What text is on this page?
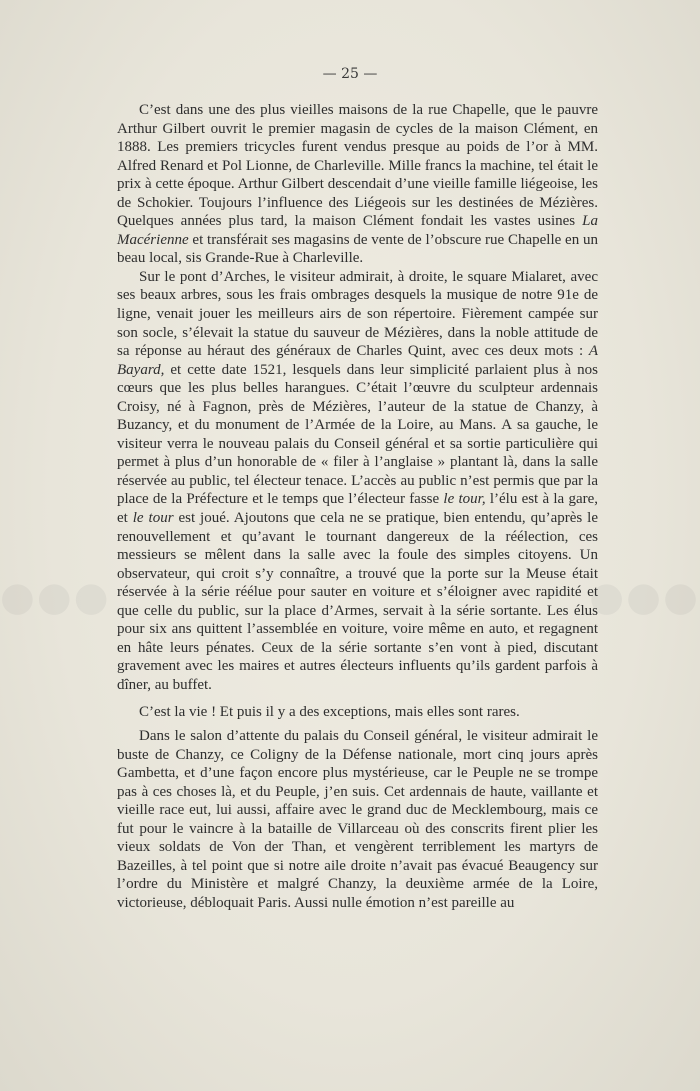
●●●	●●●
— 25 —

C’est dans une des plus vieilles maisons de la rue Chapelle, que le pauvre Arthur Gilbert ouvrit le premier magasin de cycles de la maison Clément, en 1888. Les premiers tricycles furent vendus presque au poids de l’or à MM. Alfred Renard et Pol Lionne, de Charleville. Mille francs la machine, tel était le prix à cette époque. Arthur Gilbert descendait d’une vieille famille liégeoise, les de Schokier. Toujours l’influence des Liégeois sur les destinées de Mézières. Quelques années plus tard, la maison Clément fondait les vastes usines La Macérienne et transférait ses magasins de vente de l’obscure rue Chapelle en un beau local, sis Grande-Rue à Charleville.

Sur le pont d’Arches, le visiteur admirait, à droite, le square Mialaret, avec ses beaux arbres, sous les frais ombrages desquels la musique de notre 91e de ligne, venait jouer les meilleurs airs de son répertoire. Fièrement campée sur son socle, s’élevait la statue du sauveur de Mézières, dans la noble attitude de sa réponse au héraut des généraux de Charles Quint, avec ces deux mots : A Bayard, et cette date 1521, lesquels dans leur simplicité parlaient plus à nos cœurs que les plus belles harangues. C’était l’œuvre du sculpteur ardennais Croisy, né à Fagnon, près de Mézières, l’auteur de la statue de Chanzy, à Buzancy, et du monument de l’Armée de la Loire, au Mans. A sa gauche, le visiteur verra le nouveau palais du Conseil général et sa sortie particulière qui permet à plus d’un honorable de « filer à l’anglaise » plantant là, dans la salle réservée au public, tel électeur tenace. L’accès au public n’est permis que par la place de la Préfecture et le temps que l’électeur fasse le tour, l’élu est à la gare, et le tour est joué. Ajoutons que cela ne se pratique, bien entendu, qu’après le renouvellement et qu’avant le tournant dangereux de la réélection, ces messieurs se mêlent dans la salle avec la foule des simples citoyens. Un observateur, qui croit s’y connaître, a trouvé que la porte sur la Meuse était réservée à la série réélue pour sauter en voiture et s’éloigner avec rapidité et que celle du public, sur la place d’Armes, servait à la série sortante. Les élus pour six ans quittent l’assemblée en voiture, voire même en auto, et regagnent en hâte leurs pénates. Ceux de la série sortante s’en vont à pied, discutant gravement avec les maires et autres électeurs influents qu’ils gardent parfois à dîner, au buffet.

C’est la vie ! Et puis il y a des exceptions, mais elles sont rares.

Dans le salon d’attente du palais du Conseil général, le visiteur admirait le buste de Chanzy, ce Coligny de la Défense nationale, mort cinq jours après Gambetta, et d’une façon encore plus mystérieuse, car le Peuple ne se trompe pas à ces choses là, et du Peuple, j’en suis. Cet ardennais de haute, vaillante et vieille race eut, lui aussi, affaire avec le grand duc de Mecklembourg, mais ce fut pour le vaincre à la bataille de Villarceau où des conscrits firent plier les vieux soldats de Von der Than, et vengèrent terriblement les martyrs de Bazeilles, à tel point que si notre aile droite n’avait pas évacué Beaugency sur l’ordre du Ministère et malgré Chanzy, la deuxième armée de la Loire, victorieuse, débloquait Paris. Aussi nulle émotion n’est pareille au
